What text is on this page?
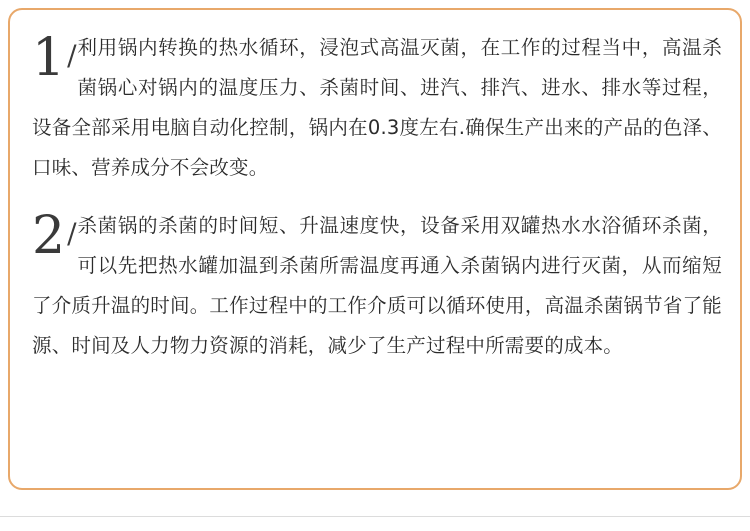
1 / 利用锅内转换的热水循环，浸泡式高温灭菌，在工作的过程当中，高温杀菌锅心对锅内的温度压力、杀菌时间、进汽、排汽、进水、排水等过程，设备全部采用电脑自动化控制，锅内在0.3度左右.确保生产出来的产品的色泽、口味、营养成分不会改变。
2 / 杀菌锅的杀菌的时间短、升温速度快，设备采用双罐热水水浴循环杀菌，可以先把热水罐加温到杀菌所需温度再通入杀菌锅内进行灭菌，从而缩短了介质升温的时间。工作过程中的工作介质可以循环使用，高温杀菌锅节省了能源、时间及人力物力资源的消耗，减少了生产过程中所需要的成本。
